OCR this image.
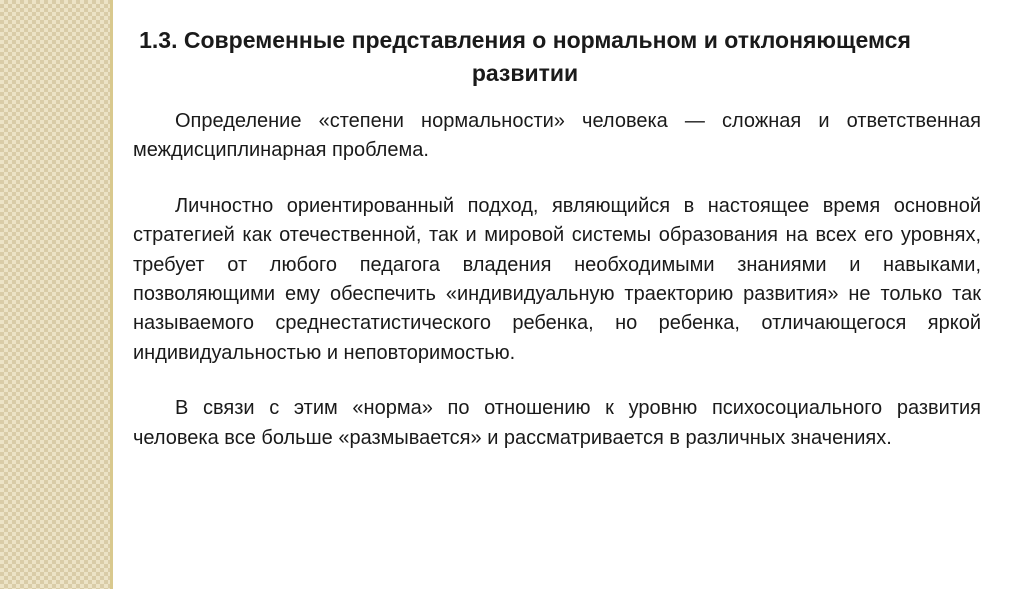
1.3. Современные представления о нормальном и отклоняющемся
развитии

Определение «степени нормальности» человека — сложная и ответственная междисциплинарная проблема.

Личностно ориентированный подход, являющийся в настоящее время основной стратегией как отечественной, так и мировой системы образования на всех его уровнях, требует от любого педагога владения необходимыми знаниями и навыками, позволяющими ему обеспечить «индивидуальную траекторию развития» не только так называемого среднестатистического ребенка, но ребенка, отличающегося яркой индивидуальностью и неповторимостью.

В связи с этим «норма» по отношению к уровню психосоциального развития человека все больше «размывается» и рассматривается в различных значениях.
